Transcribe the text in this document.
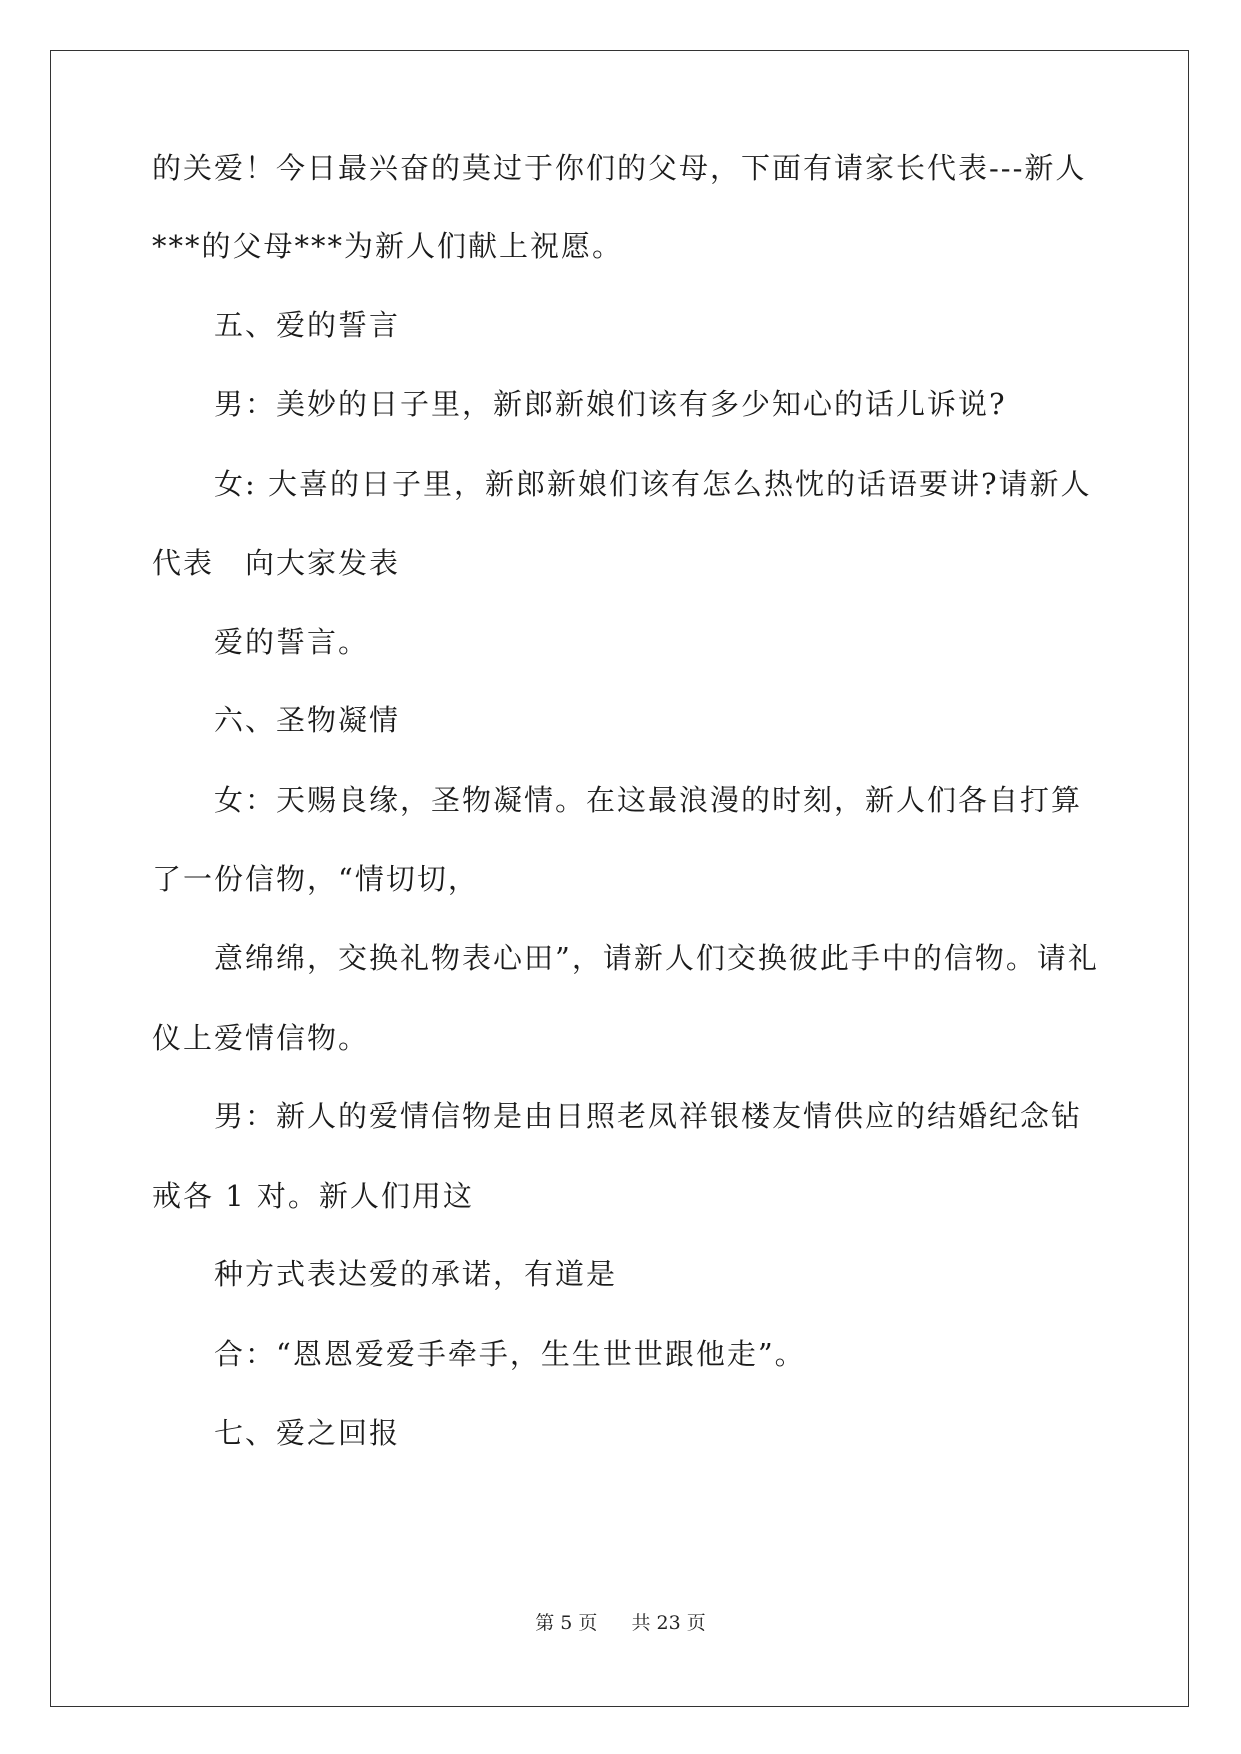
的关爱！今日最兴奋的莫过于你们的父母，下面有请家长代表---新人
***的父母***为新人们献上祝愿。
五、爱的誓言
男：美妙的日子里，新郎新娘们该有多少知心的话儿诉说?
女: 大喜的日子里，新郎新娘们该有怎么热忱的话语要讲?请新人
代表　向大家发表
爱的誓言。
六、圣物凝情
女：天赐良缘，圣物凝情。在这最浪漫的时刻，新人们各自打算
了一份信物，“情切切，
意绵绵，交换礼物表心田”，请新人们交换彼此手中的信物。请礼
仪上爱情信物。
男：新人的爱情信物是由日照老凤祥银楼友情供应的结婚纪念钻
戒各 1 对。新人们用这
种方式表达爱的承诺，有道是
合：“恩恩爱爱手牵手，生生世世跟他走”。
七、爱之回报
第 5 页 共 23 页
